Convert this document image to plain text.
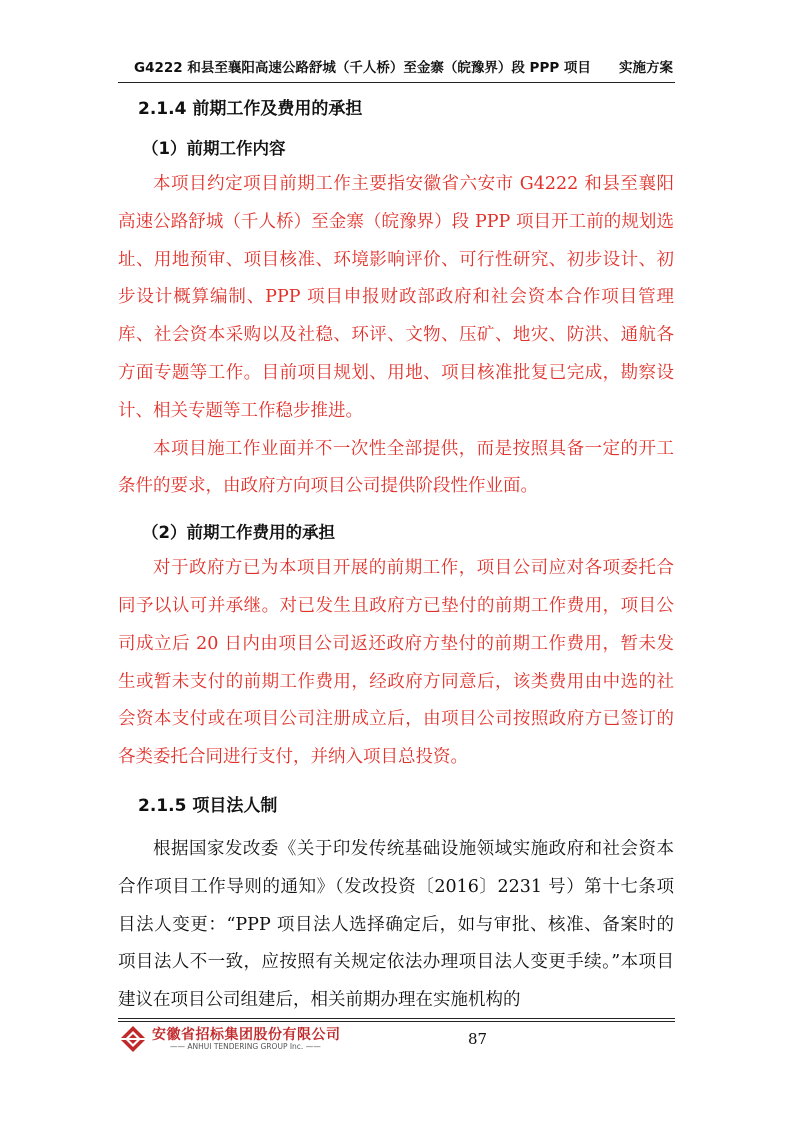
G4222 和县至襄阳高速公路舒城（千人桥）至金寨（皖豫界）段 PPP 项目 实施方案
2.1.4 前期工作及费用的承担
（1）前期工作内容

本项目约定项目前期工作主要指安徽省六安市 G4222 和县至襄阳高速公路舒城（千人桥）至金寨（皖豫界）段 PPP 项目开工前的规划选址、用地预审、项目核准、环境影响评价、可行性研究、初步设计、初步设计概算编制、PPP 项目申报财政部政府和社会资本合作项目管理库、社会资本采购以及社稳、环评、文物、压矿、地灾、防洪、通航各方面专题等工作。目前项目规划、用地、项目核准批复已完成，勘察设计、相关专题等工作稳步推进。

本项目施工作业面并不一次性全部提供，而是按照具备一定的开工条件的要求，由政府方向项目公司提供阶段性作业面。

（2）前期工作费用的承担

对于政府方已为本项目开展的前期工作，项目公司应对各项委托合同予以认可并承继。对已发生且政府方已垫付的前期工作费用，项目公司成立后 20 日内由项目公司返还政府方垫付的前期工作费用，暂未发生或暂未支付的前期工作费用，经政府方同意后，该类费用由中选的社会资本支付或在项目公司注册成立后，由项目公司按照政府方已签订的各类委托合同进行支付，并纳入项目总投资。

2.1.5 项目法人制

根据国家发改委《关于印发传统基础设施领域实施政府和社会资本合作项目工作导则的通知》（发改投资〔2016〕2231 号）第十七条项目法人变更：“PPP 项目法人选择确定后，如与审批、核准、备案时的项目法人不一致，应按照有关规定依法办理项目法人变更手续。”本项目建议在项目公司组建后，相关前期办理在实施机构的

安徽省招标集团股份有限公司
—— ANHUI TENDERING GROUP Inc. ——	87
